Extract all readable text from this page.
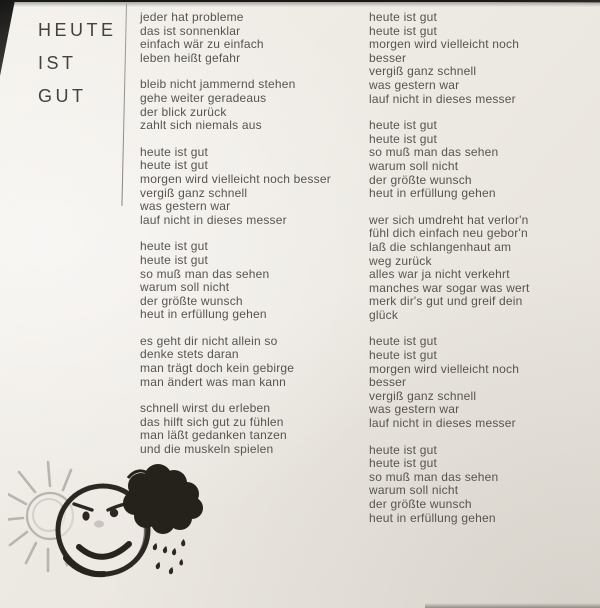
HEUTE
IST
GUT
jeder hat probleme
das ist sonnenklar
einfach wär zu einfach
leben heißt gefahr
bleib nicht jammernd stehen
gehe weiter geradeaus
der blick zurück
zahlt sich niemals aus
heute ist gut
heute ist gut
morgen wird vielleicht noch besser
vergiß ganz schnell
was gestern war
lauf nicht in dieses messer
heute ist gut
heute ist gut
so muß man das sehen
warum soll nicht
der größte wunsch
heut in erfüllung gehen
es geht dir nicht allein so
denke stets daran
man trägt doch kein gebirge
man ändert was man kann
schnell wirst du erleben
das hilft sich gut zu fühlen
man läßt gedanken tanzen
und die muskeln spielen
heute ist gut
heute ist gut
morgen wird vielleicht noch
besser
vergiß ganz schnell
was gestern war
lauf nicht in dieses messer
heute ist gut
heute ist gut
so muß man das sehen
warum soll nicht
der größte wunsch
heut in erfüllung gehen
wer sich umdreht hat verlor'n
fühl dich einfach neu gebor'n
laß die schlangenhaut am
weg zurück
alles war ja nicht verkehrt
manches war sogar was wert
merk dir's gut und greif dein
glück
heute ist gut
heute ist gut
morgen wird vielleicht noch
besser
vergiß ganz schnell
was gestern war
lauf nicht in dieses messer
heute ist gut
heute ist gut
so muß man das sehen
warum soll nicht
der größte wunsch
heut in erfüllung gehen
